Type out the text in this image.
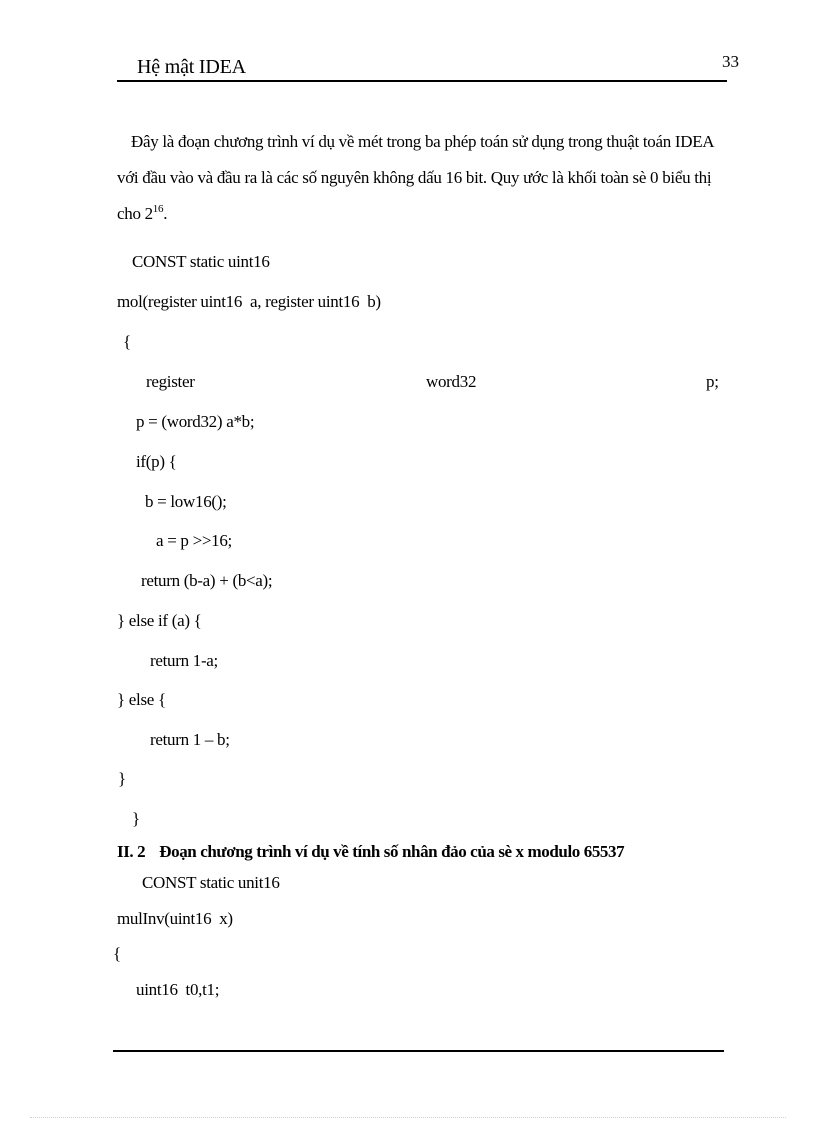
Hệ mật IDEA	33
Đây là đoạn chương trình ví dụ về mét trong ba phép toán sử dụng trong thuật toán IDEA với đầu vào và đầu ra là các số nguyên không dấu 16 bit. Quy ước là khối toàn sè 0 biểu thị cho $2^{16}$.
CONST static uint16
mol(register uint16  a, register uint16  b)
{
register	word32	p;
p = (word32) a*b;
if(p) {
b = low16();
a = p >>16;
return (b-a) + (b<a);
} else if (a) {
return 1-a;
} else {
return 1 – b;
}
}
II. 2 Đoạn chương trình ví dụ về tính số nhân đảo của sè x modulo 65537
CONST static unit16
mulInv(uint16  x)
{
uint16  t0,t1;
